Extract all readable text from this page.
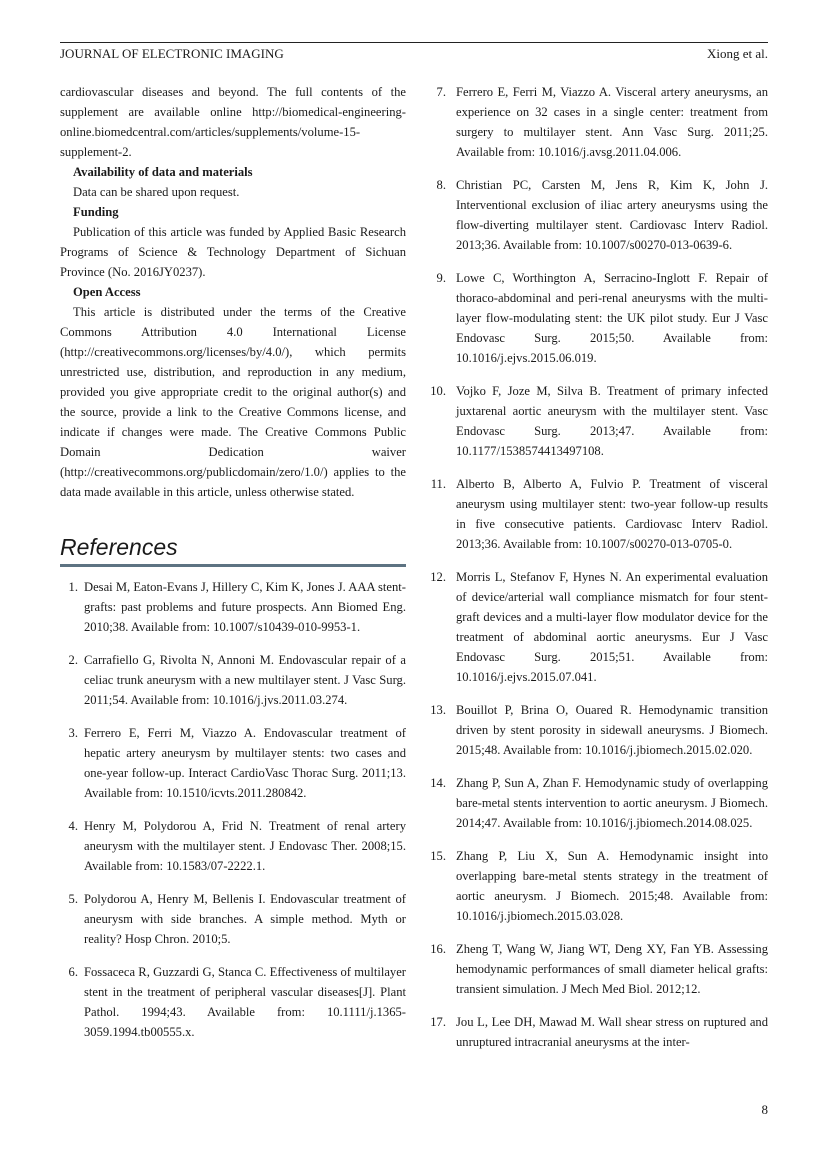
JOURNAL OF ELECTRONIC IMAGING	Xiong et al.

cardiovascular diseases and beyond. The full contents of the supplement are available online http://biomedical-engineering-online.biomedcentral.com/articles/supplements/volume-15-supplement-2.

Availability of data and materials

Data can be shared upon request.

Funding

Publication of this article was funded by Applied Basic Research Programs of Science & Technology Department of Sichuan Province (No. 2016JY0237).

Open Access

This article is distributed under the terms of the Creative Commons Attribution 4.0 International License (http://creativecommons.org/licenses/by/4.0/), which permits unrestricted use, distribution, and reproduction in any medium, provided you give appropriate credit to the original author(s) and the source, provide a link to the Creative Commons license, and indicate if changes were made. The Creative Commons Public Domain Dedication waiver (http://creativecommons.org/publicdomain/zero/1.0/) applies to the data made available in this article, unless otherwise stated.

References
1. Desai M, Eaton-Evans J, Hillery C, Kim K, Jones J. AAA stent-grafts: past problems and future prospects. Ann Biomed Eng. 2010;38. Available from: 10.1007/s10439-010-9953-1.
2. Carrafiello G, Rivolta N, Annoni M. Endovascular repair of a celiac trunk aneurysm with a new multilayer stent. J Vasc Surg. 2011;54. Available from: 10.1016/j.jvs.2011.03.274.
3. Ferrero E, Ferri M, Viazzo A. Endovascular treatment of hepatic artery aneurysm by multilayer stents: two cases and one-year follow-up. Interact CardioVasc Thorac Surg. 2011;13. Available from: 10.1510/icvts.2011.280842.
4. Henry M, Polydorou A, Frid N. Treatment of renal artery aneurysm with the multilayer stent. J Endovasc Ther. 2008;15. Available from: 10.1583/07-2222.1.
5. Polydorou A, Henry M, Bellenis I. Endovascular treatment of aneurysm with side branches. A simple method. Myth or reality? Hosp Chron. 2010;5.
6. Fossaceca R, Guzzardi G, Stanca C. Effectiveness of multilayer stent in the treatment of peripheral vascular diseases[J]. Plant Pathol. 1994;43. Available from: 10.1111/j.1365-3059.1994.tb00555.x.
7. Ferrero E, Ferri M, Viazzo A. Visceral artery aneurysms, an experience on 32 cases in a single center: treatment from surgery to multilayer stent. Ann Vasc Surg. 2011;25. Available from: 10.1016/j.avsg.2011.04.006.
8. Christian PC, Carsten M, Jens R, Kim K, John J. Interventional exclusion of iliac artery aneurysms using the flow-diverting multilayer stent. Cardiovasc Interv Radiol. 2013;36. Available from: 10.1007/s00270-013-0639-6.
9. Lowe C, Worthington A, Serracino-Inglott F. Repair of thoraco-abdominal and peri-renal aneurysms with the multi-layer flow-modulating stent: the UK pilot study. Eur J Vasc Endovasc Surg. 2015;50. Available from: 10.1016/j.ejvs.2015.06.019.
10. Vojko F, Joze M, Silva B. Treatment of primary infected juxtarenal aortic aneurysm with the multilayer stent. Vasc Endovasc Surg. 2013;47. Available from: 10.1177/1538574413497108.
11. Alberto B, Alberto A, Fulvio P. Treatment of visceral aneurysm using multilayer stent: two-year follow-up results in five consecutive patients. Cardiovasc Interv Radiol. 2013;36. Available from: 10.1007/s00270-013-0705-0.
12. Morris L, Stefanov F, Hynes N. An experimental evaluation of device/arterial wall compliance mismatch for four stent-graft devices and a multi-layer flow modulator device for the treatment of abdominal aortic aneurysms. Eur J Vasc Endovasc Surg. 2015;51. Available from: 10.1016/j.ejvs.2015.07.041.
13. Bouillot P, Brina O, Ouared R. Hemodynamic transition driven by stent porosity in sidewall aneurysms. J Biomech. 2015;48. Available from: 10.1016/j.jbiomech.2015.02.020.
14. Zhang P, Sun A, Zhan F. Hemodynamic study of overlapping bare-metal stents intervention to aortic aneurysm. J Biomech. 2014;47. Available from: 10.1016/j.jbiomech.2014.08.025.
15. Zhang P, Liu X, Sun A. Hemodynamic insight into overlapping bare-metal stents strategy in the treatment of aortic aneurysm. J Biomech. 2015;48. Available from: 10.1016/j.jbiomech.2015.03.028.
16. Zheng T, Wang W, Jiang WT, Deng XY, Fan YB. Assessing hemodynamic performances of small diameter helical grafts: transient simulation. J Mech Med Biol. 2012;12.
17. Jou L, Lee DH, Mawad M. Wall shear stress on ruptured and unruptured intracranial aneurysms at the inter-
8
